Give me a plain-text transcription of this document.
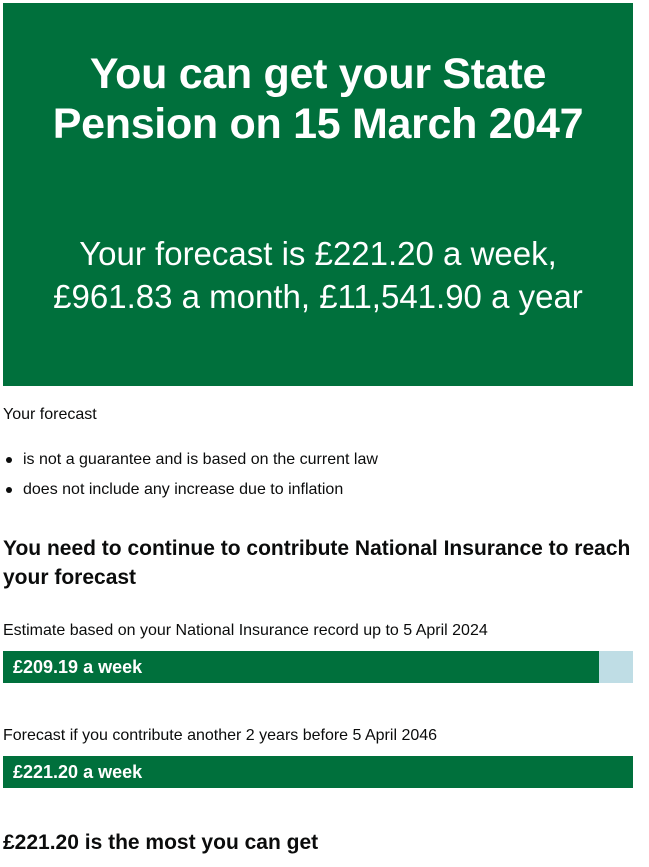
You can get your State Pension on 15 March 2047

Your forecast is £221.20 a week, £961.83 a month, £11,541.90 a year

Your forecast

is not a guarantee and is based on the current law
does not include any increase due to inflation
You need to continue to contribute National Insurance to reach your forecast

Estimate based on your National Insurance record up to 5 April 2024

£209.19 a week

Forecast if you contribute another 2 years before 5 April 2046

£221.20 a week
£221.20 is the most you can get
